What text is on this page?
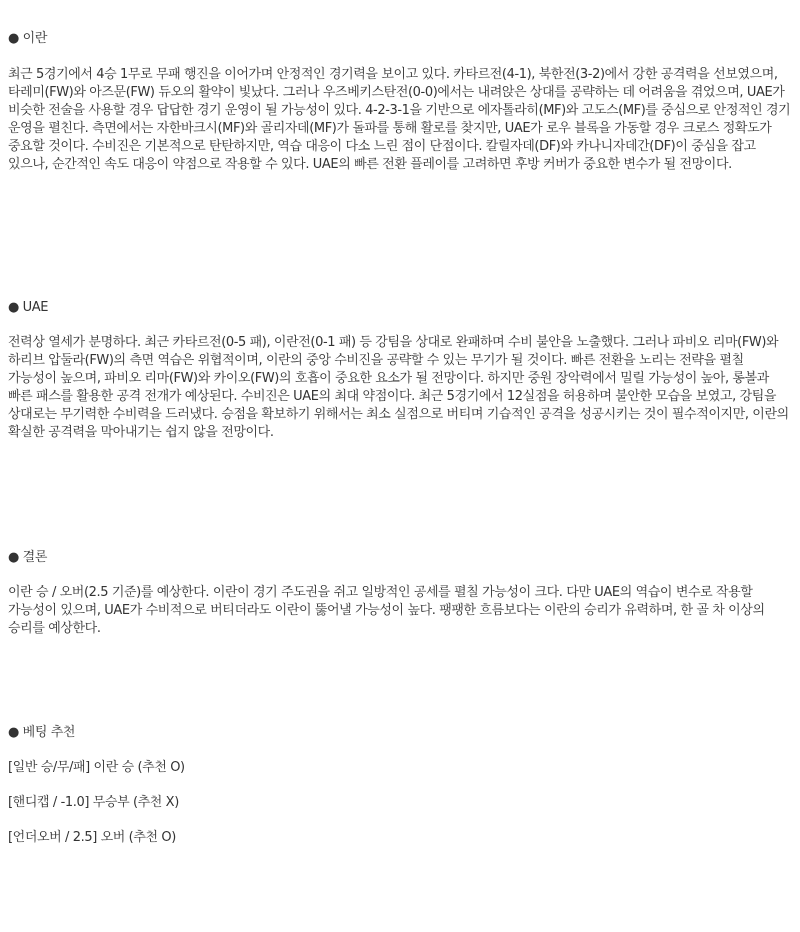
● 이란

최근 5경기에서 4승 1무로 무패 행진을 이어가며 안정적인 경기력을 보이고 있다. 카타르전(4-1), 북한전(3-2)에서 강한 공격력을 선보였으며, 타레미(FW)와 아즈문(FW) 듀오의 활약이 빛났다. 그러나 우즈베키스탄전(0-0)에서는 내려앉은 상대를 공략하는 데 어려움을 겪었으며, UAE가 비슷한 전술을 사용할 경우 답답한 경기 운영이 될 가능성이 있다. 4-2-3-1을 기반으로 에자톨라히(MF)와 고도스(MF)를 중심으로 안정적인 경기 운영을 펼친다. 측면에서는 자한바크시(MF)와 골리자데(MF)가 돌파를 통해 활로를 찾지만, UAE가 로우 블록을 가동할 경우 크로스 정확도가 중요할 것이다. 수비진은 기본적으로 탄탄하지만, 역습 대응이 다소 느린 점이 단점이다. 칼릴자데(DF)와 카나니자데간(DF)이 중심을 잡고 있으나, 순간적인 속도 대응이 약점으로 작용할 수 있다. UAE의 빠른 전환 플레이를 고려하면 후방 커버가 중요한 변수가 될 전망이다.

● UAE

전력상 열세가 분명하다. 최근 카타르전(0-5 패), 이란전(0-1 패) 등 강팀을 상대로 완패하며 수비 불안을 노출했다. 그러나 파비오 리마(FW)와 하리브 압둘라(FW)의 측면 역습은 위협적이며, 이란의 중앙 수비진을 공략할 수 있는 무기가 될 것이다. 빠른 전환을 노리는 전략을 펼칠 가능성이 높으며, 파비오 리마(FW)와 카이오(FW)의 호흡이 중요한 요소가 될 전망이다. 하지만 중원 장악력에서 밀릴 가능성이 높아, 롱볼과 빠른 패스를 활용한 공격 전개가 예상된다. 수비진은 UAE의 최대 약점이다. 최근 5경기에서 12실점을 허용하며 불안한 모습을 보였고, 강팀을 상대로는 무기력한 수비력을 드러냈다. 승점을 확보하기 위해서는 최소 실점으로 버티며 기습적인 공격을 성공시키는 것이 필수적이지만, 이란의 확실한 공격력을 막아내기는 쉽지 않을 전망이다.

● 결론

이란 승 / 오버(2.5 기준)를 예상한다. 이란이 경기 주도권을 쥐고 일방적인 공세를 펼칠 가능성이 크다. 다만 UAE의 역습이 변수로 작용할 가능성이 있으며, UAE가 수비적으로 버티더라도 이란이 뚫어낼 가능성이 높다. 팽팽한 흐름보다는 이란의 승리가 유력하며, 한 골 차 이상의 승리를 예상한다.

● 베팅 추천

[일반 승/무/패] 이란 승 (추천 O)

[핸디캡 / -1.0] 무승부 (추천 X)

[언더오버 / 2.5] 오버 (추천 O)
